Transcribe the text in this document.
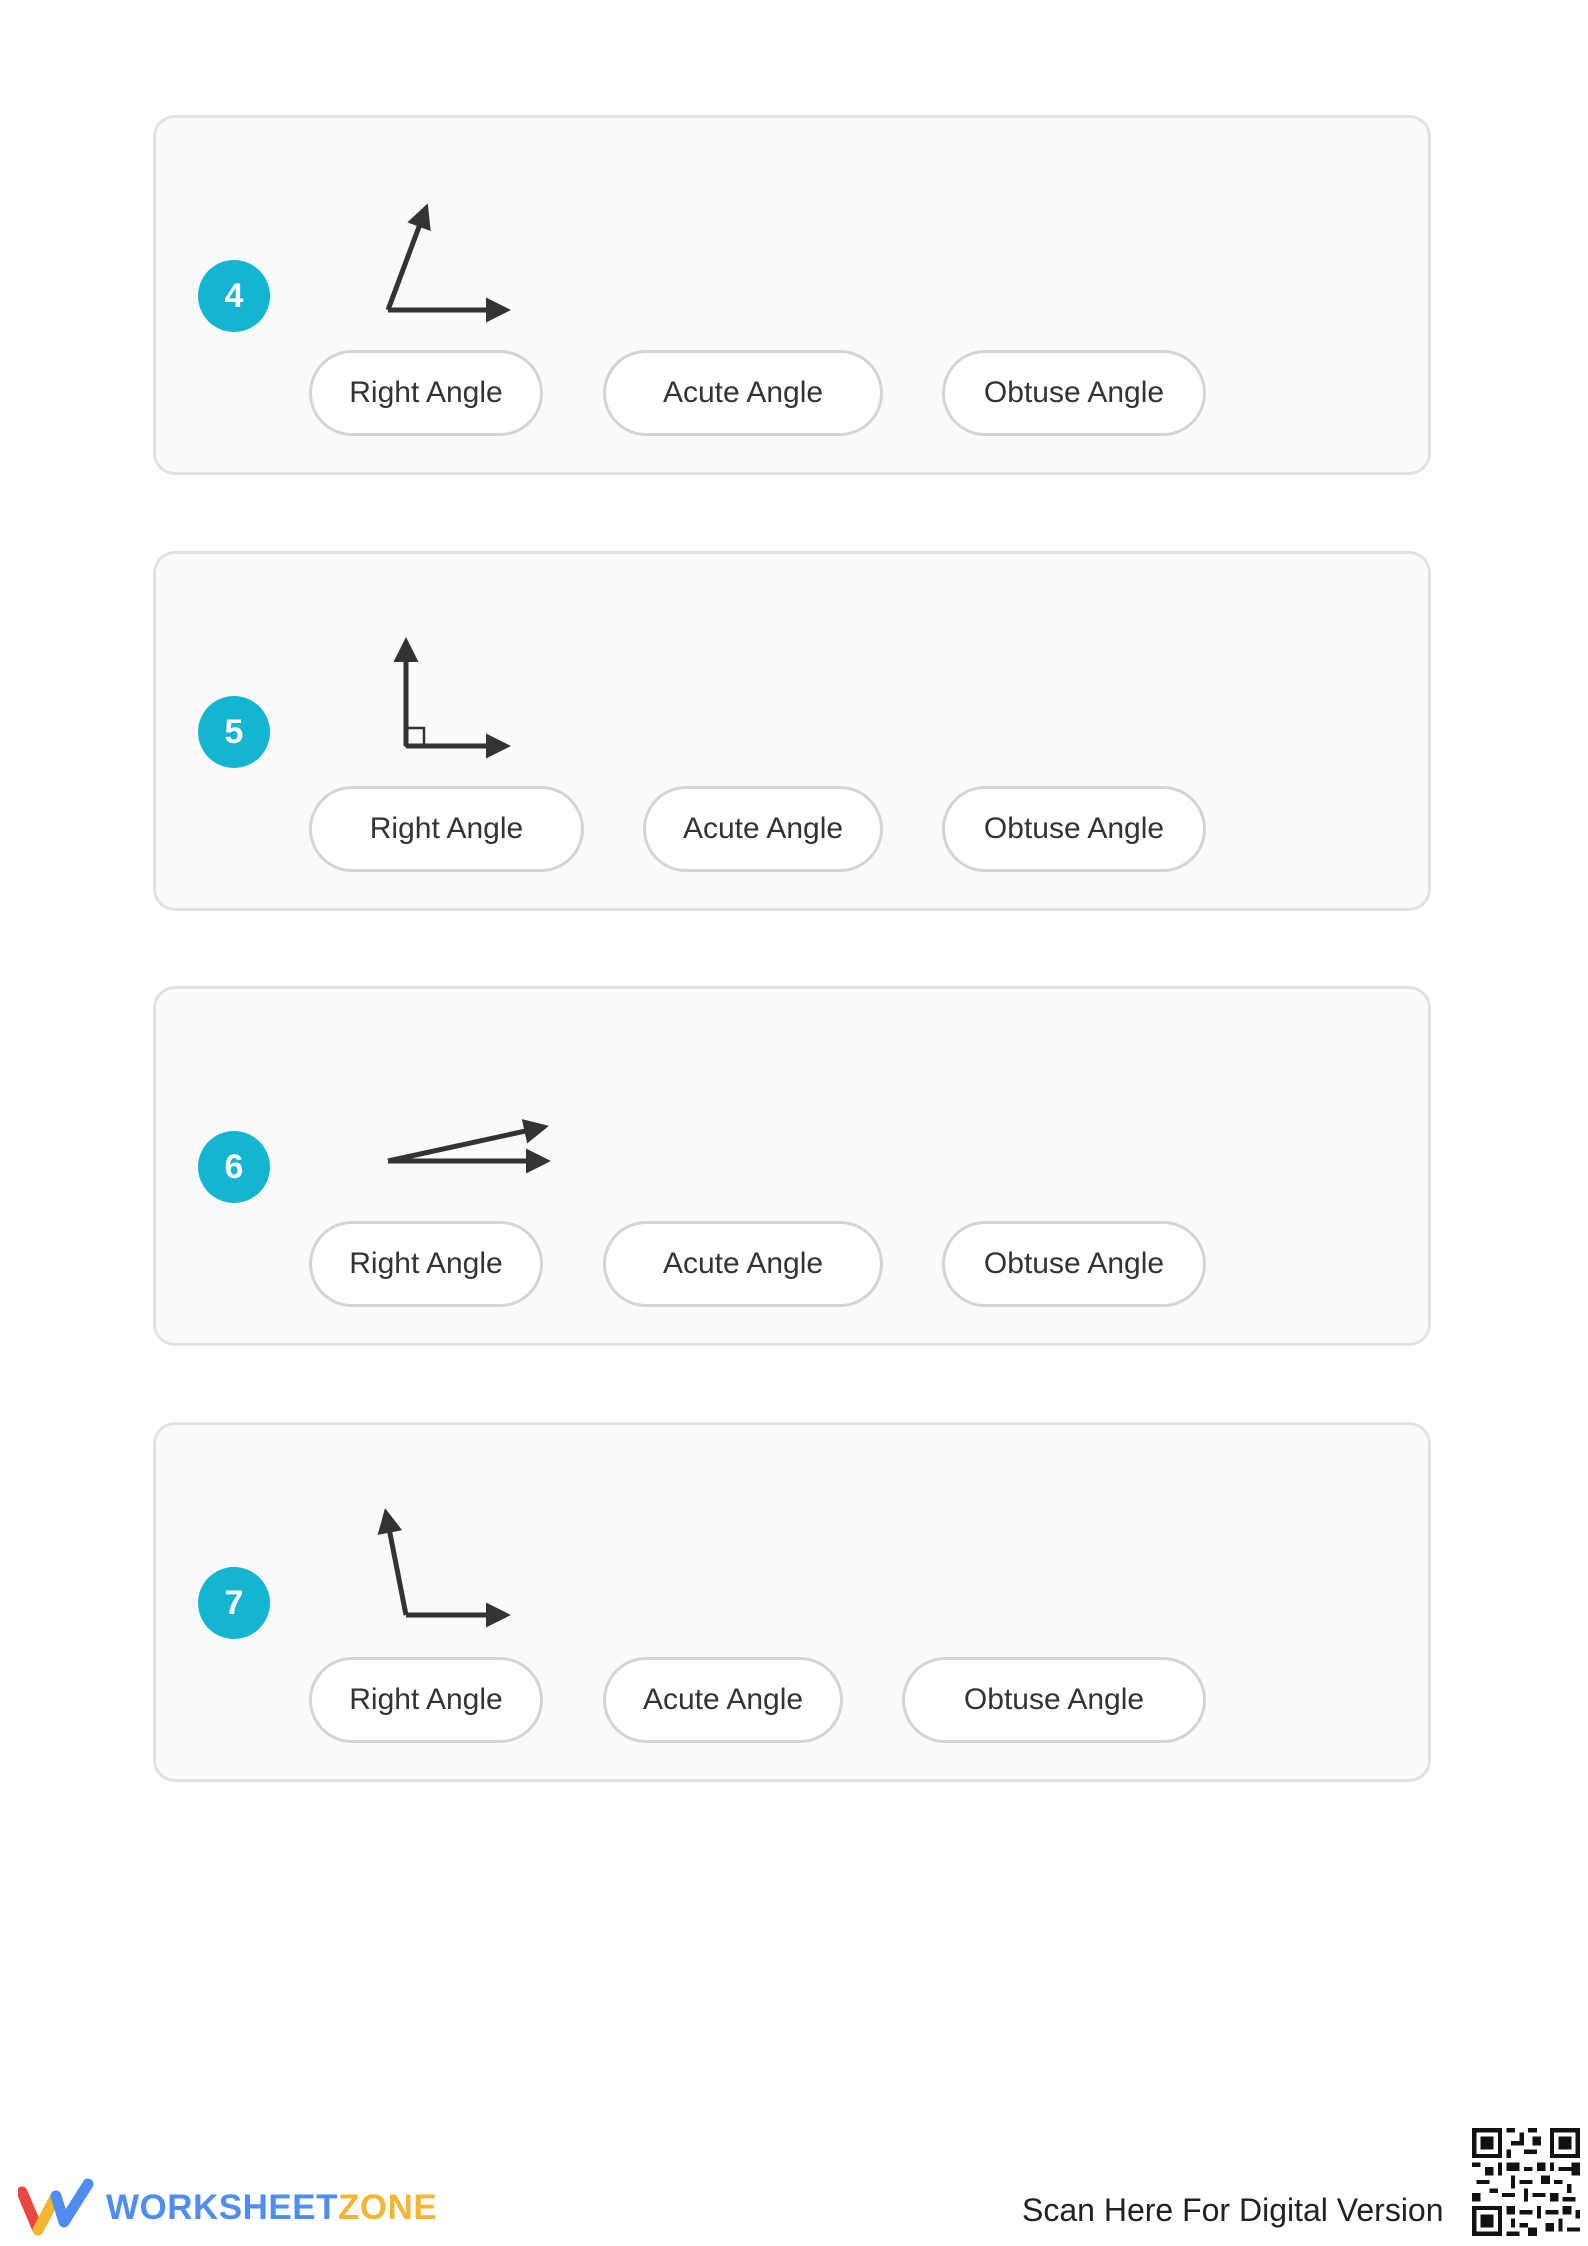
4
Right Angle	Acute Angle	Obtuse Angle
5
Right Angle	Acute Angle	Obtuse Angle
6
Right Angle	Acute Angle	Obtuse Angle
7
Right Angle	Acute Angle	Obtuse Angle
WORKSHEETZONE	Scan Here For Digital Version
